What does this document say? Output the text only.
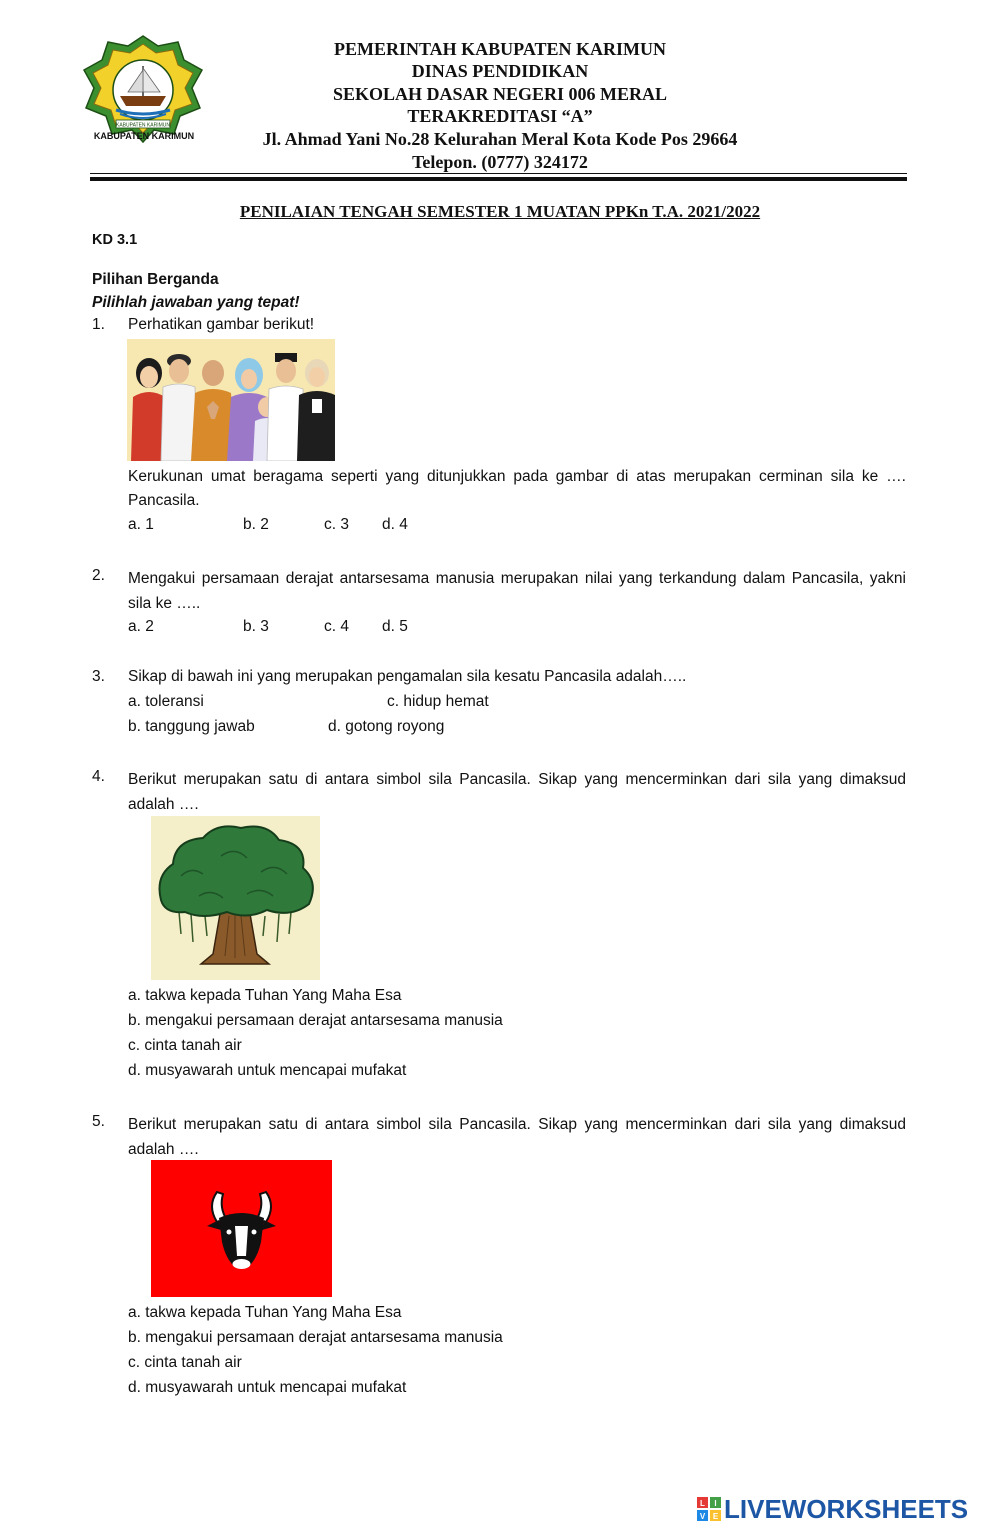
KABUPATEN KARIMUN
KABUPATEN KARIMUN
PEMERINTAH KABUPATEN KARIMUN
DINAS PENDIDIKAN
SEKOLAH DASAR NEGERI 006 MERAL
TERAKREDITASI “A”
Jl. Ahmad Yani No.28 Kelurahan Meral Kota Kode Pos 29664
Telepon. (0777) 324172
PENILAIAN TENGAH SEMESTER 1 MUATAN PPKn T.A. 2021/2022
KD 3.1
Pilihan Berganda
Pilihlah jawaban yang tepat!
1. Perhatikan gambar berikut!
Kerukunan umat beragama seperti yang ditunjukkan pada gambar di atas merupakan cerminan sila ke …. Pancasila.
a. 1	b. 2	c. 3 d. 4
2. Mengakui persamaan derajat antarsesama manusia merupakan nilai yang terkandung dalam Pancasila, yakni sila ke …..
a. 2	b. 3	c. 4 d. 5
3. Sikap di bawah ini yang merupakan pengamalan sila kesatu Pancasila adalah…..
a. toleransi	c. hidup hemat
b. tanggung jawab	d. gotong royong
4. Berikut merupakan satu di antara simbol sila Pancasila. Sikap yang mencerminkan dari sila yang dimaksud adalah ….
a. takwa kepada Tuhan Yang Maha Esa
b. mengakui persamaan derajat antarsesama manusia
c. cinta tanah air
d. musyawarah untuk mencapai mufakat
5. Berikut merupakan satu di antara simbol sila Pancasila. Sikap yang mencerminkan dari sila yang dimaksud adalah ….
a. takwa kepada Tuhan Yang Maha Esa
b. mengakui persamaan derajat antarsesama manusia
c. cinta tanah air
d. musyawarah untuk mencapai mufakat
L I
V E LIVEWORKSHEETS
